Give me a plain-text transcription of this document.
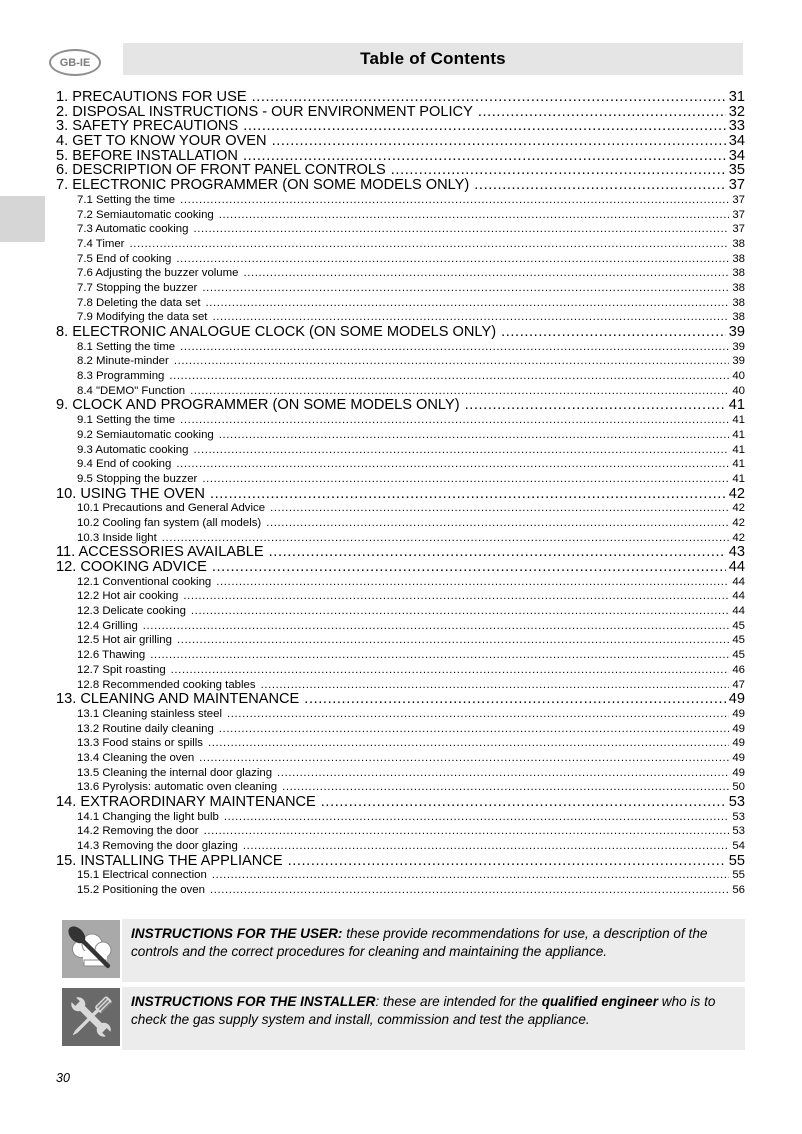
GB-IE	Table of Contents
1. PRECAUTIONS FOR USE .....	31
2. DISPOSAL INSTRUCTIONS - OUR ENVIRONMENT POLICY .....	32
3. SAFETY PRECAUTIONS .....	33
4. GET TO KNOW YOUR OVEN .....	34
5. BEFORE INSTALLATION .....	34
6. DESCRIPTION OF FRONT PANEL CONTROLS .....	35
7. ELECTRONIC PROGRAMMER (ON SOME MODELS ONLY) .....	37
7.1 Setting the time .....	37
7.2 Semiautomatic cooking .....	37
7.3 Automatic cooking .....	37
7.4 Timer .....	38
7.5 End of cooking .....	38
7.6 Adjusting the buzzer volume .....	38
7.7 Stopping the buzzer .....	38
7.8 Deleting the data set .....	38
7.9 Modifying the data set .....	38
8. ELECTRONIC ANALOGUE CLOCK (ON SOME MODELS ONLY) .....	39
8.1 Setting the time .....	39
8.2 Minute-minder .....	39
8.3 Programming .....	40
8.4 "DEMO" Function .....	40
9. CLOCK AND PROGRAMMER (ON SOME MODELS ONLY) .....	41
9.1 Setting the time .....	41
9.2 Semiautomatic cooking .....	41
9.3 Automatic cooking .....	41
9.4 End of cooking .....	41
9.5 Stopping the buzzer .....	41
10. USING THE OVEN .....	42
10.1 Precautions and General Advice .....	42
10.2 Cooling fan system (all models) .....	42
10.3 Inside light .....	42
11. ACCESSORIES AVAILABLE .....	43
12. COOKING ADVICE .....	44
12.1 Conventional cooking .....	44
12.2 Hot air cooking .....	44
12.3 Delicate cooking .....	44
12.4 Grilling .....	45
12.5 Hot air grilling .....	45
12.6 Thawing .....	45
12.7 Spit roasting .....	46
12.8 Recommended cooking tables .....	47
13. CLEANING AND MAINTENANCE .....	49
13.1 Cleaning stainless steel .....	49
13.2 Routine daily cleaning .....	49
13.3 Food stains or spills .....	49
13.4 Cleaning the oven .....	49
13.5 Cleaning the internal door glazing .....	49
13.6 Pyrolysis: automatic oven cleaning .....	50
14. EXTRAORDINARY MAINTENANCE .....	53
14.1 Changing the light bulb .....	53
14.2 Removing the door .....	53
14.3 Removing the door glazing .....	54
15. INSTALLING THE APPLIANCE .....	55
15.1 Electrical connection .....	55
15.2 Positioning the oven .....	56
INSTRUCTIONS FOR THE USER: these provide recommendations for use, a description of the controls and the correct procedures for cleaning and maintaining the appliance.
INSTRUCTIONS FOR THE INSTALLER: these are intended for the qualified engineer who is to check the gas supply system and install, commission and test the appliance.
30
